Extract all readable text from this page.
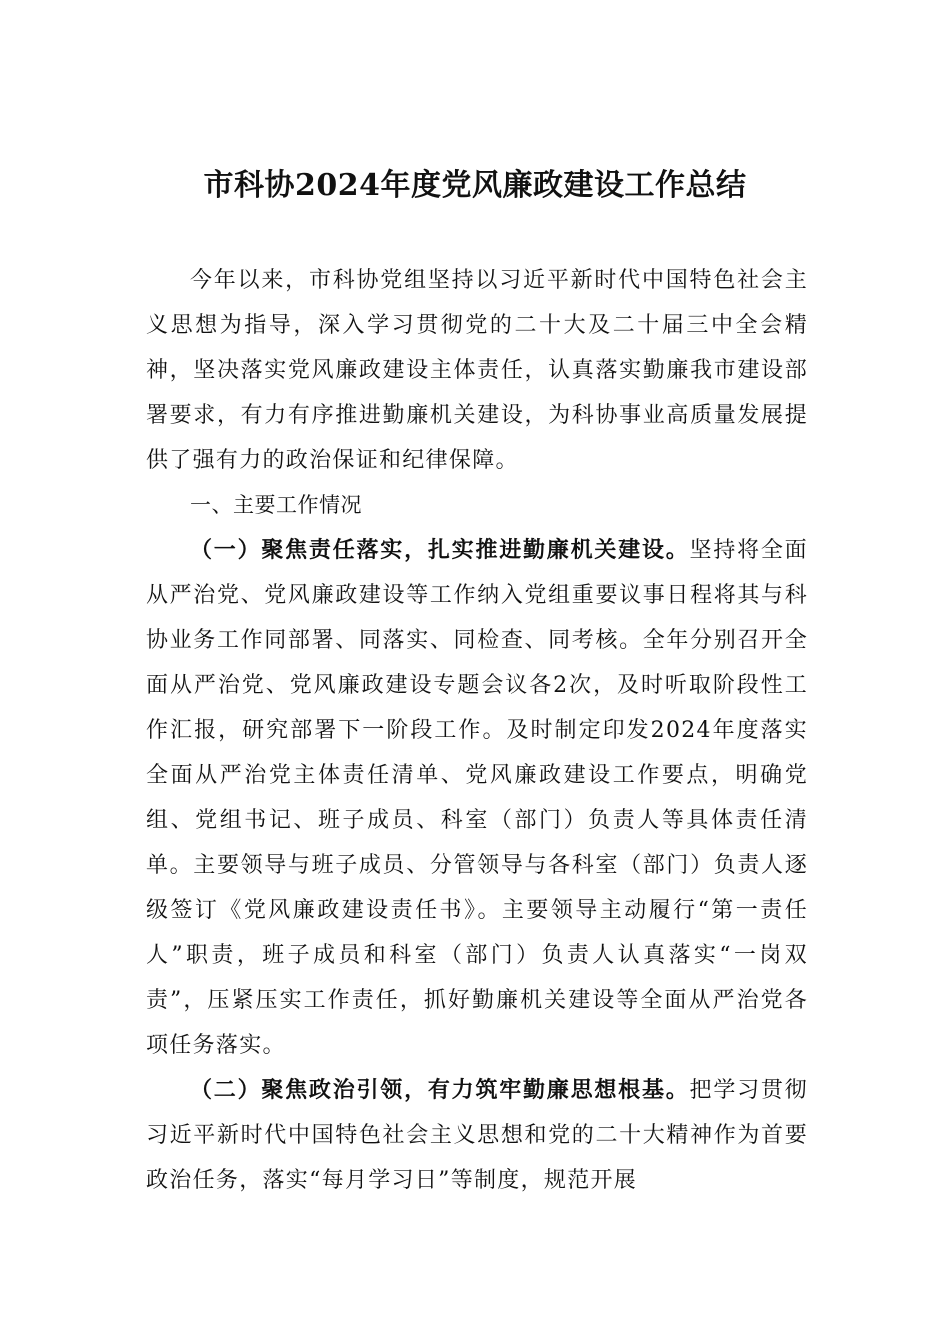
市科协2024年度党风廉政建设工作总结

今年以来，市科协党组坚持以习近平新时代中国特色社会主义思想为指导，深入学习贯彻党的二十大及二十届三中全会精神，坚决落实党风廉政建设主体责任，认真落实勤廉我市建设部署要求，有力有序推进勤廉机关建设，为科协事业高质量发展提供了强有力的政治保证和纪律保障。

一、主要工作情况

（一）聚焦责任落实，扎实推进勤廉机关建设。坚持将全面从严治党、党风廉政建设等工作纳入党组重要议事日程将其与科协业务工作同部署、同落实、同检查、同考核。全年分别召开全面从严治党、党风廉政建设专题会议各2次，及时听取阶段性工作汇报，研究部署下一阶段工作。及时制定印发2024年度落实全面从严治党主体责任清单、党风廉政建设工作要点，明确党组、党组书记、班子成员、科室（部门）负责人等具体责任清单。主要领导与班子成员、分管领导与各科室（部门）负责人逐级签订《党风廉政建设责任书》。主要领导主动履行“第一责任人”职责，班子成员和科室（部门）负责人认真落实“一岗双责”，压紧压实工作责任，抓好勤廉机关建设等全面从严治党各项任务落实。

（二）聚焦政治引领，有力筑牢勤廉思想根基。把学习贯彻习近平新时代中国特色社会主义思想和党的二十大精神作为首要政治任务，落实“每月学习日”等制度，规范开展
